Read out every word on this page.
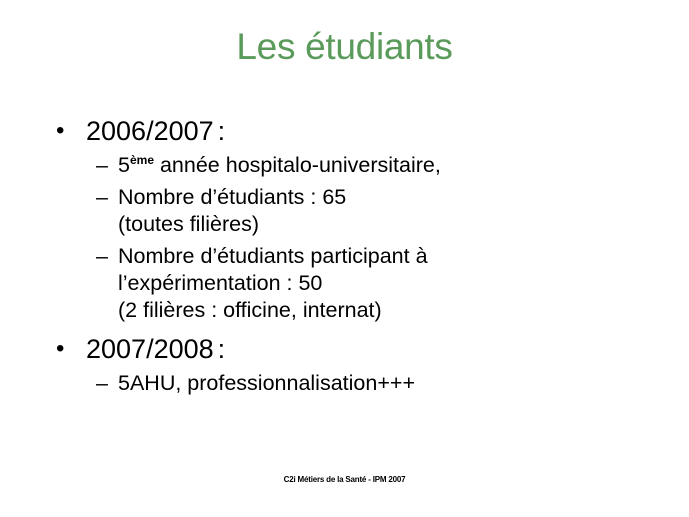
Les étudiants
• 2006/2007 :
– 5ème année hospitalo-universitaire,
– Nombre d’étudiants : 65
(toutes filières)
– Nombre d’étudiants participant à
l’expérimentation : 50
(2 filières : officine, internat)
• 2007/2008 :
– 5AHU, professionnalisation+++
C2i Métiers de la Santé - IPM 2007
